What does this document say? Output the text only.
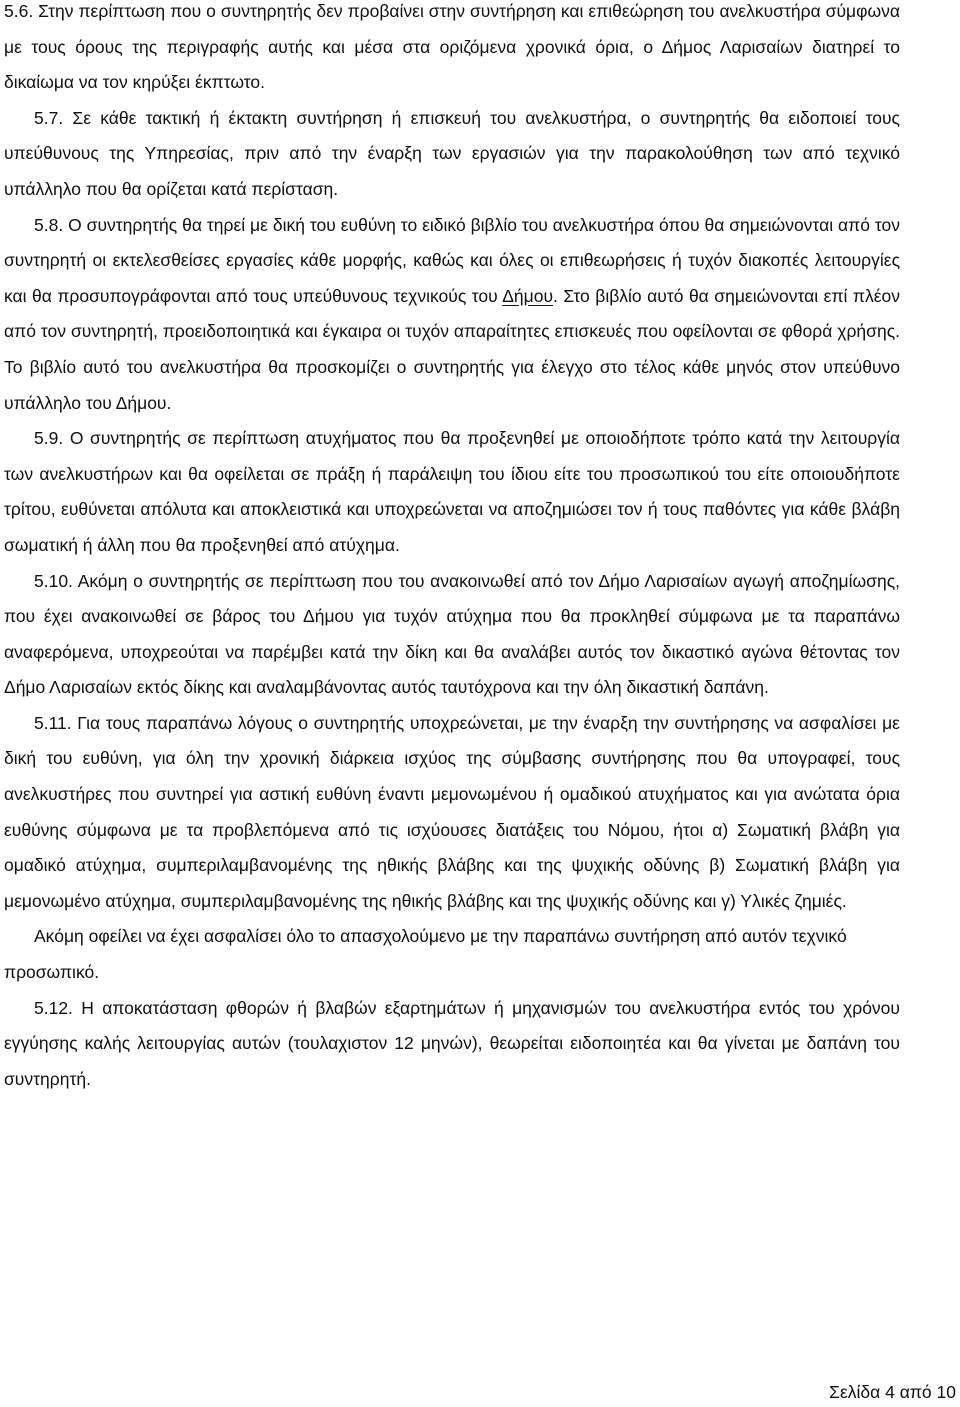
5.6. Στην περίπτωση που ο συντηρητής δεν προβαίνει στην συντήρηση και επιθεώρηση του ανελκυστήρα σύμφωνα με τους όρους της περιγραφής αυτής και μέσα στα οριζόμενα χρονικά όρια, ο Δήμος Λαρισαίων διατηρεί το δικαίωμα να τον κηρύξει έκπτωτο.

5.7. Σε κάθε τακτική ή έκτακτη συντήρηση ή επισκευή του ανελκυστήρα, ο συντηρητής θα ειδοποιεί τους υπεύθυνους της Υπηρεσίας, πριν από την έναρξη των εργασιών για την παρακολούθηση των από τεχνικό υπάλληλο που θα ορίζεται κατά περίσταση.

5.8. Ο συντηρητής θα τηρεί με δική του ευθύνη το ειδικό βιβλίο του ανελκυστήρα όπου θα σημειώνονται από τον συντηρητή οι εκτελεσθείσες εργασίες κάθε μορφής, καθώς και όλες οι επιθεωρήσεις ή τυχόν διακοπές λειτουργίες και θα προσυπογράφονται από τους υπεύθυνους τεχνικούς του Δήμου. Στο βιβλίο αυτό θα σημειώνονται επί πλέον από τον συντηρητή, προειδοποιητικά και έγκαιρα οι τυχόν απαραίτητες επισκευές που οφείλονται σε φθορά χρήσης. Το βιβλίο αυτό του ανελκυστήρα θα προσκομίζει ο συντηρητής για έλεγχο στο τέλος κάθε μηνός στον υπεύθυνο υπάλληλο του Δήμου.

5.9. Ο συντηρητής σε περίπτωση ατυχήματος που θα προξενηθεί με οποιοδήποτε τρόπο κατά την λειτουργία των ανελκυστήρων και θα οφείλεται σε πράξη ή παράλειψη του ίδιου είτε του προσωπικού του είτε οποιουδήποτε τρίτου, ευθύνεται απόλυτα και αποκλειστικά και υποχρεώνεται να αποζημιώσει τον ή τους παθόντες για κάθε βλάβη σωματική ή άλλη που θα προξενηθεί από ατύχημα.

5.10. Ακόμη ο συντηρητής σε περίπτωση που του ανακοινωθεί από τον Δήμο Λαρισαίων αγωγή αποζημίωσης, που έχει ανακοινωθεί σε βάρος του Δήμου για τυχόν ατύχημα που θα προκληθεί σύμφωνα με τα παραπάνω αναφερόμενα, υποχρεούται να παρέμβει κατά την δίκη και θα αναλάβει αυτός τον δικαστικό αγώνα θέτοντας τον Δήμο Λαρισαίων εκτός δίκης και αναλαμβάνοντας αυτός ταυτόχρονα και την όλη δικαστική δαπάνη.

5.11. Για τους παραπάνω λόγους ο συντηρητής υποχρεώνεται, με την έναρξη την συντήρησης να ασφαλίσει με δική του ευθύνη, για όλη την χρονική διάρκεια ισχύος της σύμβασης συντήρησης που θα υπογραφεί, τους ανελκυστήρες που συντηρεί για αστική ευθύνη έναντι μεμονωμένου ή ομαδικού ατυχήματος και για ανώτατα όρια ευθύνης σύμφωνα με τα προβλεπόμενα από τις ισχύουσες διατάξεις του Νόμου, ήτοι α) Σωματική βλάβη για ομαδικό ατύχημα, συμπεριλαμβανομένης της ηθικής βλάβης και της ψυχικής οδύνης β) Σωματική βλάβη για μεμονωμένο ατύχημα, συμπεριλαμβανομένης της ηθικής βλάβης και της ψυχικής οδύνης και γ) Υλικές ζημιές.

Ακόμη οφείλει να έχει ασφαλίσει όλο το απασχολούμενο με την παραπάνω συντήρηση από αυτόν τεχνικό προσωπικό.

5.12. Η αποκατάσταση φθορών ή βλαβών εξαρτημάτων ή μηχανισμών του ανελκυστήρα εντός του χρόνου εγγύησης καλής λειτουργίας αυτών (τουλαχιστον 12 μηνών), θεωρείται ειδοποιητέα και θα γίνεται με δαπάνη του συντηρητή.

Σελίδα 4 από 10
